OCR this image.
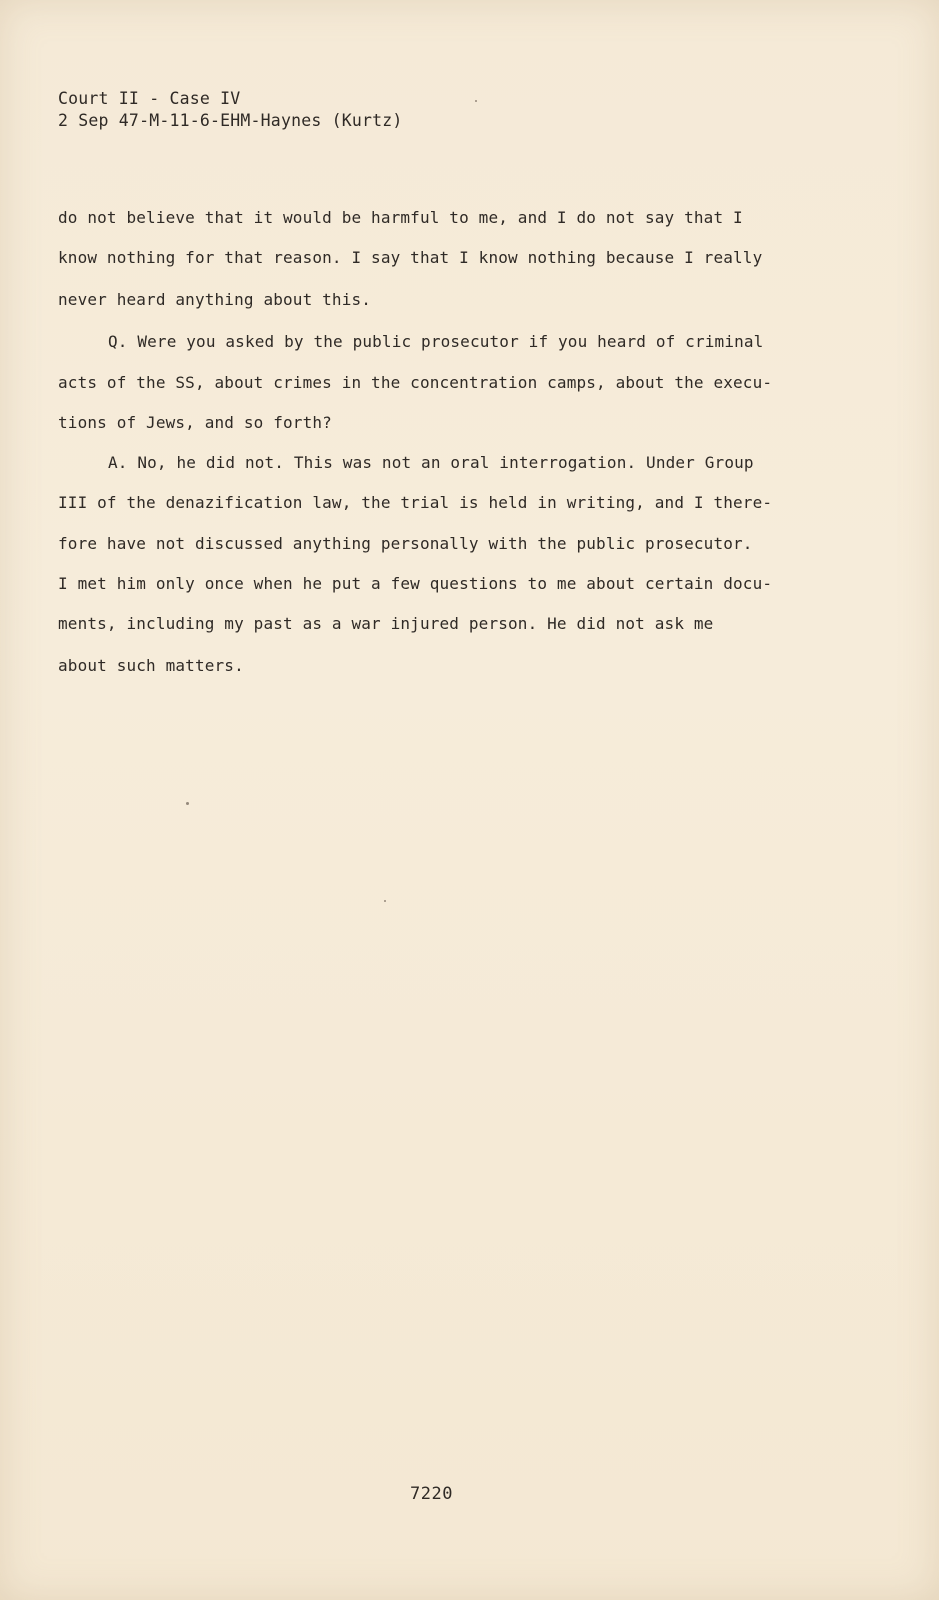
Court II - Case IV
2 Sep 47-M-11-6-EHM-Haynes (Kurtz)
do not believe that it would be harmful to me, and I do not say that I
know nothing for that reason. I say that I know nothing because I really
never heard anything about this.
Q. Were you asked by the public prosecutor if you heard of criminal
acts of the SS, about crimes in the concentration camps, about the execu-
tions of Jews, and so forth?
A. No, he did not. This was not an oral interrogation. Under Group
III of the denazification law, the trial is held in writing, and I there-
fore have not discussed anything personally with the public prosecutor.
I met him only once when he put a few questions to me about certain docu-
ments, including my past as a war injured person. He did not ask me
about such matters.
7220
